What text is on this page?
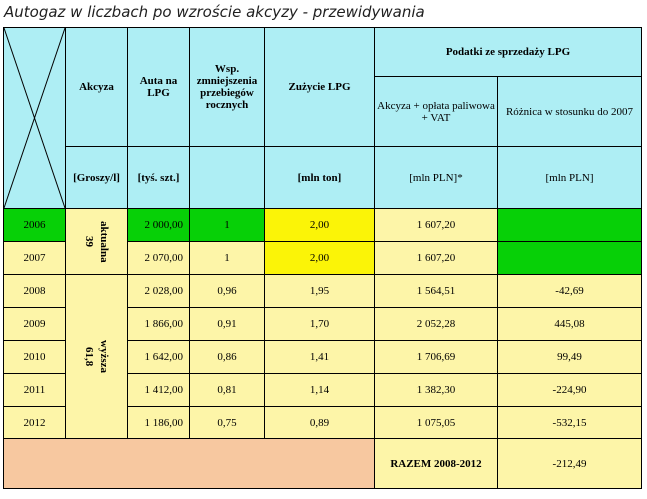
Autogaz w liczbach po wzroście akcyzy - przewidywania
	Akcyza	Auta na LPG	Wsp. zmniejszenia przebiegów rocznych	Zużycie LPG	Podatki ze sprzedaży LPG	
					Akcyza + opłata paliwowa + VAT	Różnica w stosunku do 2007
	[Groszy/l]	[tyś. szt.]		[mln ton]	[mln PLN]*	[mln PLN]
2006	39 aktualna	2 000,00	1	2,00	1 607,20	
2007		2 070,00	1	2,00	1 607,20	
2008	61,8 wyższa	2 028,00	0,96	1,95	1 564,51	-42,69
2009		1 866,00	0,91	1,70	2 052,28	445,08
2010		1 642,00	0,86	1,41	1 706,69	99,49
2011		1 412,00	0,81	1,14	1 382,30	-224,90
2012		1 186,00	0,75	0,89	1 075,05	-532,15
					RAZEM 2008-2012	-212,49
